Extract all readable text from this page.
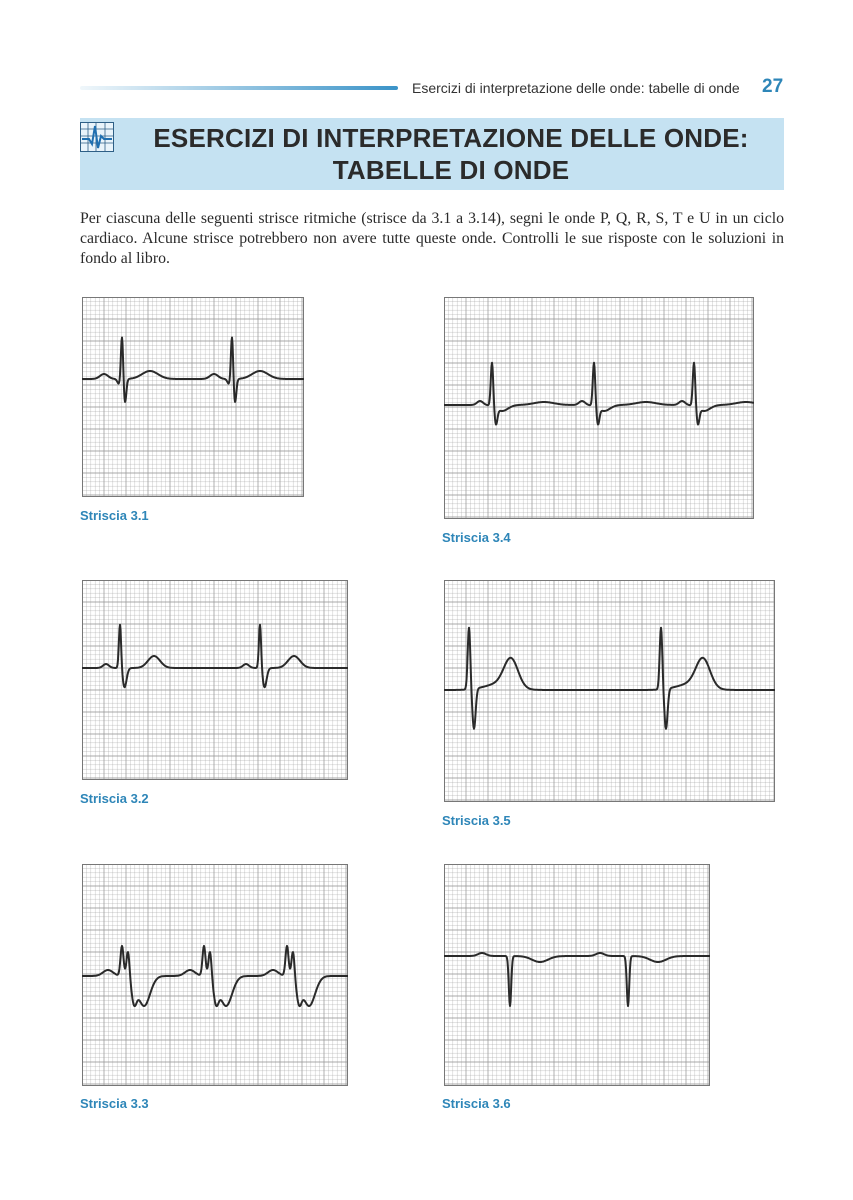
Esercizi di interpretazione delle onde: tabelle di onde 27
ESERCIZI DI INTERPRETAZIONE DELLE ONDE:
TABELLE DI ONDE
Per ciascuna delle seguenti strisce ritmiche (strisce da 3.1 a 3.14), segni le onde P, Q, R, S, T e U in un ciclo cardiaco. Alcune strisce potrebbero non avere tutte queste onde. Controlli le sue risposte con le soluzioni in fondo al libro.
Striscia 3.1
Striscia 3.4
Striscia 3.2
Striscia 3.5
Striscia 3.3	Striscia 3.6
